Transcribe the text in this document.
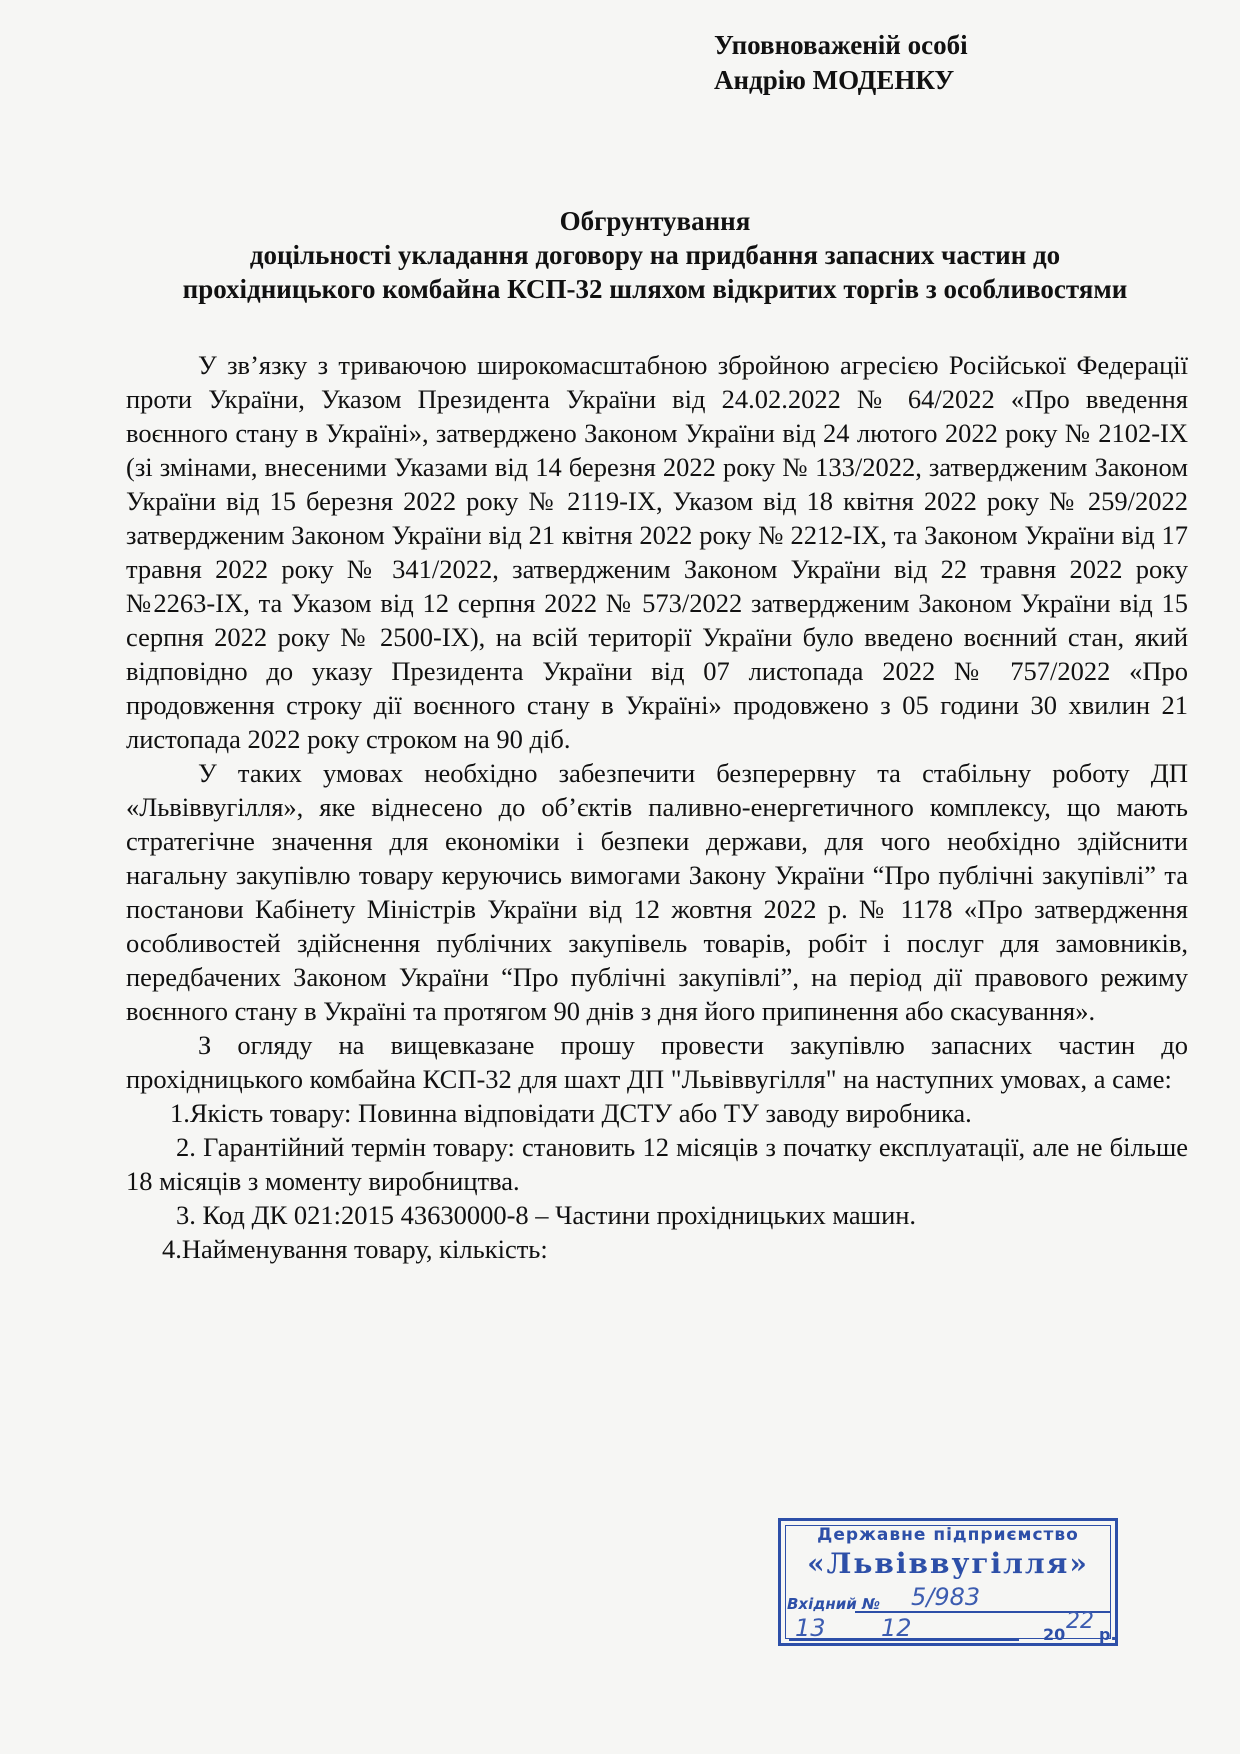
Уповноваженій особі
Андрію МОДЕНКУ
Обгрунтування
доцільності укладання договору на придбання запасних частин до
прохідницького комбайна КСП-32 шляхом відкритих торгів з особливостями

У зв’язку з триваючою широкомасштабною збройною агресією Російської Федерації проти України, Указом Президента України від 24.02.2022 № 64/2022 «Про введення воєнного стану в Україні», затверджено Законом України від 24 лютого 2022 року № 2102-IX (зі змінами, внесеними Указами від 14 березня 2022 року № 133/2022, затвердженим Законом України від 15 березня 2022 року № 2119-IX, Указом від 18 квітня 2022 року № 259/2022 затвердженим Законом України від 21 квітня 2022 року № 2212-IX, та Законом України від 17 травня 2022 року № 341/2022, затвердженим Законом України від 22 травня 2022 року №2263-IX, та Указом від 12 серпня 2022 № 573/2022 затвердженим Законом України від 15 серпня 2022 року № 2500-IX), на всій території України було введено воєнний стан, який відповідно до указу Президента України від 07 листопада 2022 № 757/2022 «Про продовження строку дії воєнного стану в Україні» продовжено з 05 години 30 хвилин 21 листопада 2022 року строком на 90 діб.

У таких умовах необхідно забезпечити безперервну та стабільну роботу ДП «Львіввугілля», яке віднесено до об’єктів паливно-енергетичного комплексу, що мають стратегічне значення для економіки і безпеки держави, для чого необхідно здійснити нагальну закупівлю товару керуючись вимогами Закону України “Про публічні закупівлі” та постанови Кабінету Міністрів України від 12 жовтня 2022 р. № 1178 «Про затвердження особливостей здійснення публічних закупівель товарів, робіт і послуг для замовників, передбачених Законом України “Про публічні закупівлі”, на період дії правового режиму воєнного стану в Україні та протягом 90 днів з дня його припинення або скасування».

З огляду на вищевказане прошу провести закупівлю запасних частин до прохідницького комбайна КСП-32 для шахт ДП "Львіввугілля" на наступних умовах, а саме:

1.Якість товару: Повинна відповідати ДСТУ або ТУ заводу виробника.

2. Гарантійний термін товару: становить 12 місяців з початку експлуатації, але не більше 18 місяців з моменту виробництва.

3. Код ДК 021:2015 43630000-8 – Частини прохідницьких машин.

4.Найменування товару, кількість:

Державне підприємство
«Львіввугілля»
Вхідний № 5/983
13 12	20
22
р.
